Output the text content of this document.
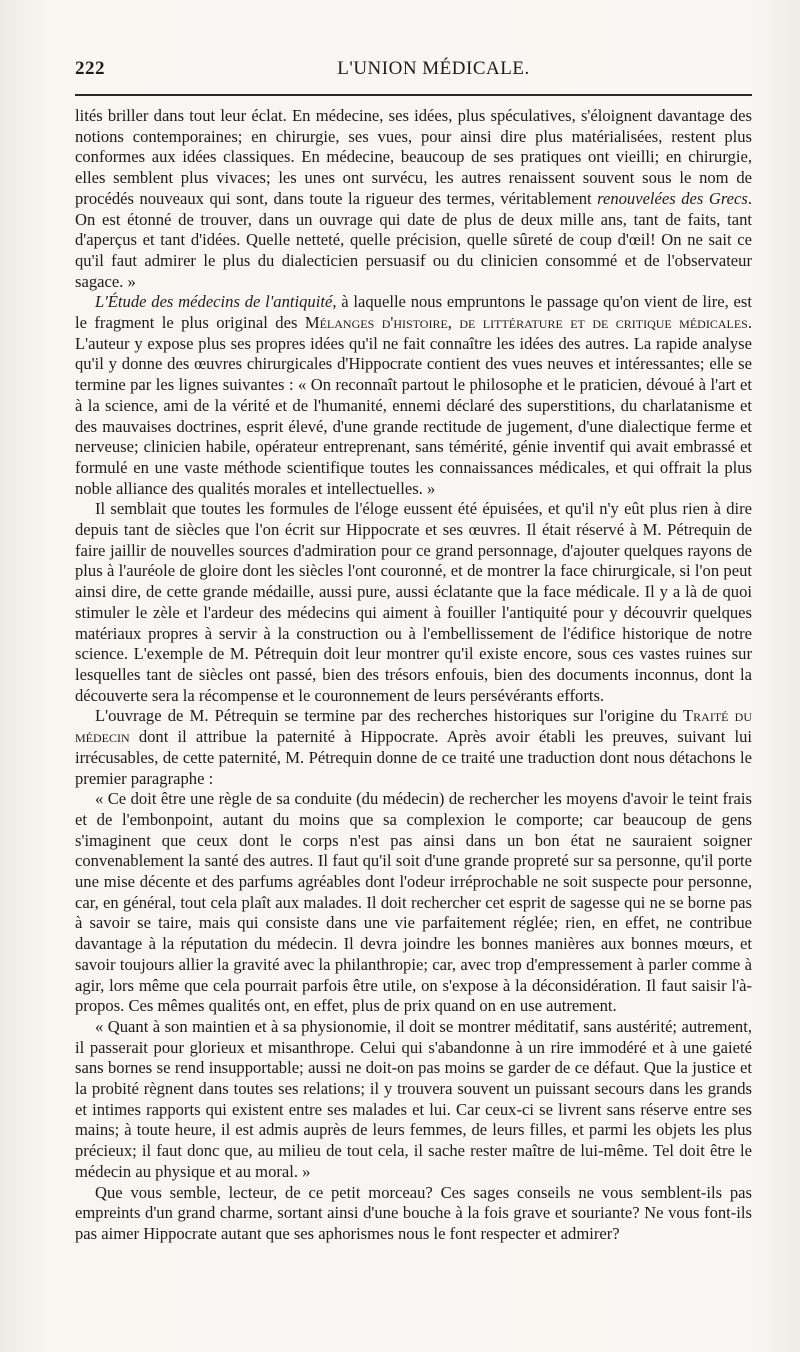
222	L'UNION MÉDICALE.

lités briller dans tout leur éclat. En médecine, ses idées, plus spéculatives, s'éloignent davantage des notions contemporaines; en chirurgie, ses vues, pour ainsi dire plus matérialisées, restent plus conformes aux idées classiques. En médecine, beaucoup de ses pratiques ont vieilli; en chirurgie, elles semblent plus vivaces; les unes ont survécu, les autres renaissent souvent sous le nom de procédés nouveaux qui sont, dans toute la rigueur des termes, véritablement renouvelées des Grecs. On est étonné de trouver, dans un ouvrage qui date de plus de deux mille ans, tant de faits, tant d'aperçus et tant d'idées. Quelle netteté, quelle précision, quelle sûreté de coup d'œil! On ne sait ce qu'il faut admirer le plus du dialecticien persuasif ou du clinicien consommé et de l'observateur sagace. »

L'Étude des médecins de l'antiquité, à laquelle nous empruntons le passage qu'on vient de lire, est le fragment le plus original des Mélanges d'histoire, de littérature et de critique médicales. L'auteur y expose plus ses propres idées qu'il ne fait connaître les idées des autres. La rapide analyse qu'il y donne des œuvres chirurgicales d'Hippocrate contient des vues neuves et intéressantes; elle se termine par les lignes suivantes : « On reconnaît partout le philosophe et le praticien, dévoué à l'art et à la science, ami de la vérité et de l'humanité, ennemi déclaré des superstitions, du charlatanisme et des mauvaises doctrines, esprit élevé, d'une grande rectitude de jugement, d'une dialectique ferme et nerveuse; clinicien habile, opérateur entreprenant, sans témérité, génie inventif qui avait embrassé et formulé en une vaste méthode scientifique toutes les connaissances médicales, et qui offrait la plus noble alliance des qualités morales et intellectuelles. »

Il semblait que toutes les formules de l'éloge eussent été épuisées, et qu'il n'y eût plus rien à dire depuis tant de siècles que l'on écrit sur Hippocrate et ses œuvres. Il était réservé à M. Pétrequin de faire jaillir de nouvelles sources d'admiration pour ce grand personnage, d'ajouter quelques rayons de plus à l'auréole de gloire dont les siècles l'ont couronné, et de montrer la face chirurgicale, si l'on peut ainsi dire, de cette grande médaille, aussi pure, aussi éclatante que la face médicale. Il y a là de quoi stimuler le zèle et l'ardeur des médecins qui aiment à fouiller l'antiquité pour y découvrir quelques matériaux propres à servir à la construction ou à l'embellissement de l'édifice historique de notre science. L'exemple de M. Pétrequin doit leur montrer qu'il existe encore, sous ces vastes ruines sur lesquelles tant de siècles ont passé, bien des trésors enfouis, bien des documents inconnus, dont la découverte sera la récompense et le couronnement de leurs persévérants efforts.

L'ouvrage de M. Pétrequin se termine par des recherches historiques sur l'origine du Traité du médecin dont il attribue la paternité à Hippocrate. Après avoir établi les preuves, suivant lui irrécusables, de cette paternité, M. Pétrequin donne de ce traité une traduction dont nous détachons le premier paragraphe :

« Ce doit être une règle de sa conduite (du médecin) de rechercher les moyens d'avoir le teint frais et de l'embonpoint, autant du moins que sa complexion le comporte; car beaucoup de gens s'imaginent que ceux dont le corps n'est pas ainsi dans un bon état ne sauraient soigner convenablement la santé des autres. Il faut qu'il soit d'une grande propreté sur sa personne, qu'il porte une mise décente et des parfums agréables dont l'odeur irréprochable ne soit suspecte pour personne, car, en général, tout cela plaît aux malades. Il doit rechercher cet esprit de sagesse qui ne se borne pas à savoir se taire, mais qui consiste dans une vie parfaitement réglée; rien, en effet, ne contribue davantage à la réputation du médecin. Il devra joindre les bonnes manières aux bonnes mœurs, et savoir toujours allier la gravité avec la philanthropie; car, avec trop d'empressement à parler comme à agir, lors même que cela pourrait parfois être utile, on s'expose à la déconsidération. Il faut saisir l'à-propos. Ces mêmes qualités ont, en effet, plus de prix quand on en use autrement.

« Quant à son maintien et à sa physionomie, il doit se montrer méditatif, sans austérité; autrement, il passerait pour glorieux et misanthrope. Celui qui s'abandonne à un rire immodéré et à une gaieté sans bornes se rend insupportable; aussi ne doit-on pas moins se garder de ce défaut. Que la justice et la probité règnent dans toutes ses relations; il y trouvera souvent un puissant secours dans les grands et intimes rapports qui existent entre ses malades et lui. Car ceux-ci se livrent sans réserve entre ses mains; à toute heure, il est admis auprès de leurs femmes, de leurs filles, et parmi les objets les plus précieux; il faut donc que, au milieu de tout cela, il sache rester maître de lui-même. Tel doit être le médecin au physique et au moral. »

Que vous semble, lecteur, de ce petit morceau? Ces sages conseils ne vous semblent-ils pas empreints d'un grand charme, sortant ainsi d'une bouche à la fois grave et souriante? Ne vous font-ils pas aimer Hippocrate autant que ses aphorismes nous le font respecter et admirer?
